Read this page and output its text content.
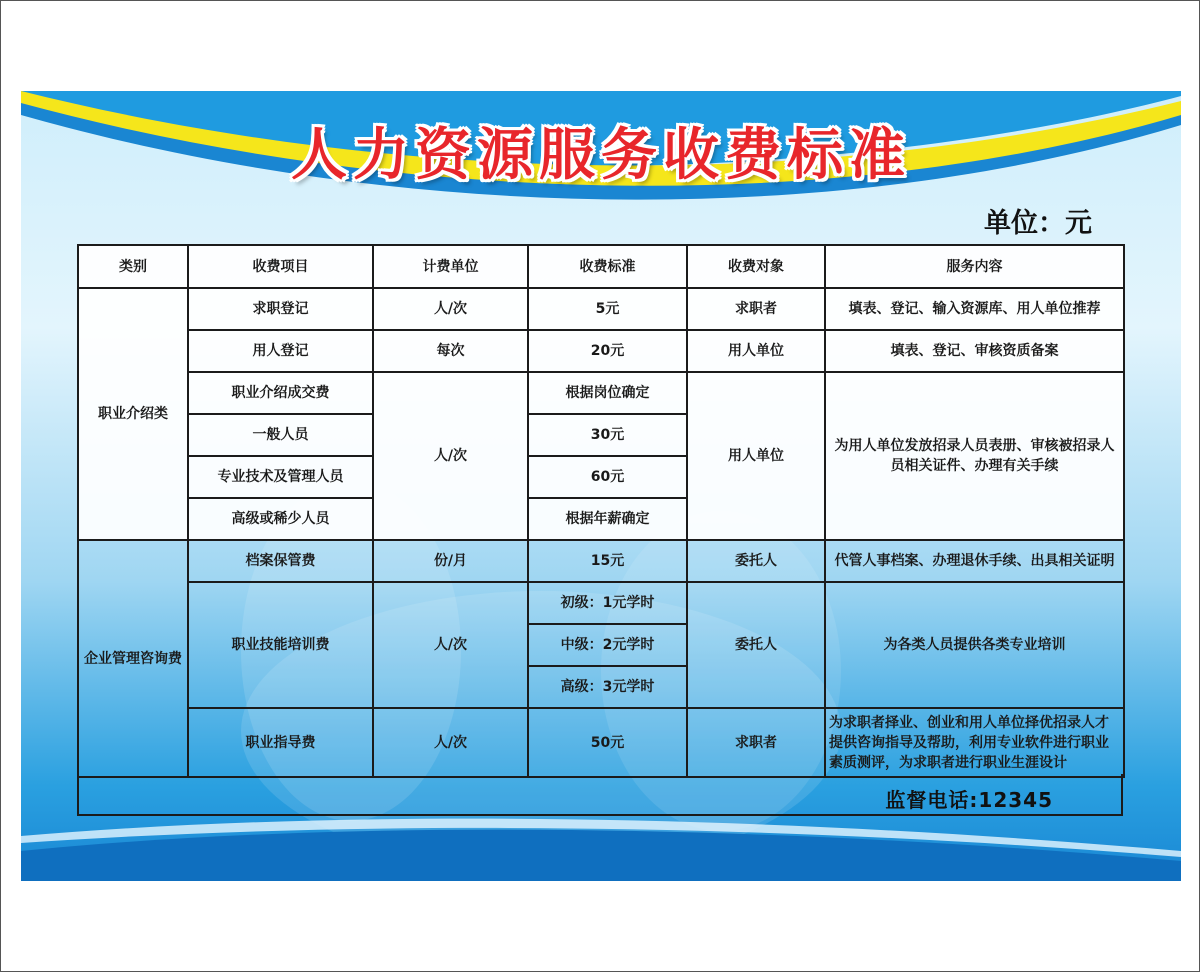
人力资源服务收费标准
单位：元
类别	收费项目	计费单位	收费标准	收费对象	服务内容
职业介绍类	求职登记	人/次	5元	求职者	填表、登记、输入资源库、用人单位推荐
	用人登记	每次	20元	用人单位	填表、登记、审核资质备案
	职业介绍成交费	人/次	根据岗位确定	用人单位	为用人单位发放招录人员表册、审核被招录人员相关证件、办理有关手续
	一般人员		30元		
	专业技术及管理人员		60元		
	高级或稀少人员		根据年薪确定		
企业管理咨询费	档案保管费	份/月	15元	委托人	代管人事档案、办理退休手续、出具相关证明
	职业技能培训费	人/次	初级：1元学时	委托人	为各类人员提供各类专业培训
			中级：2元学时		
			高级：3元学时		
	职业指导费	人/次	50元	求职者	为求职者择业、创业和用人单位择优招录人才提供咨询指导及帮助，利用专业软件进行职业素质测评，为求职者进行职业生涯设计
监督电话:12345
